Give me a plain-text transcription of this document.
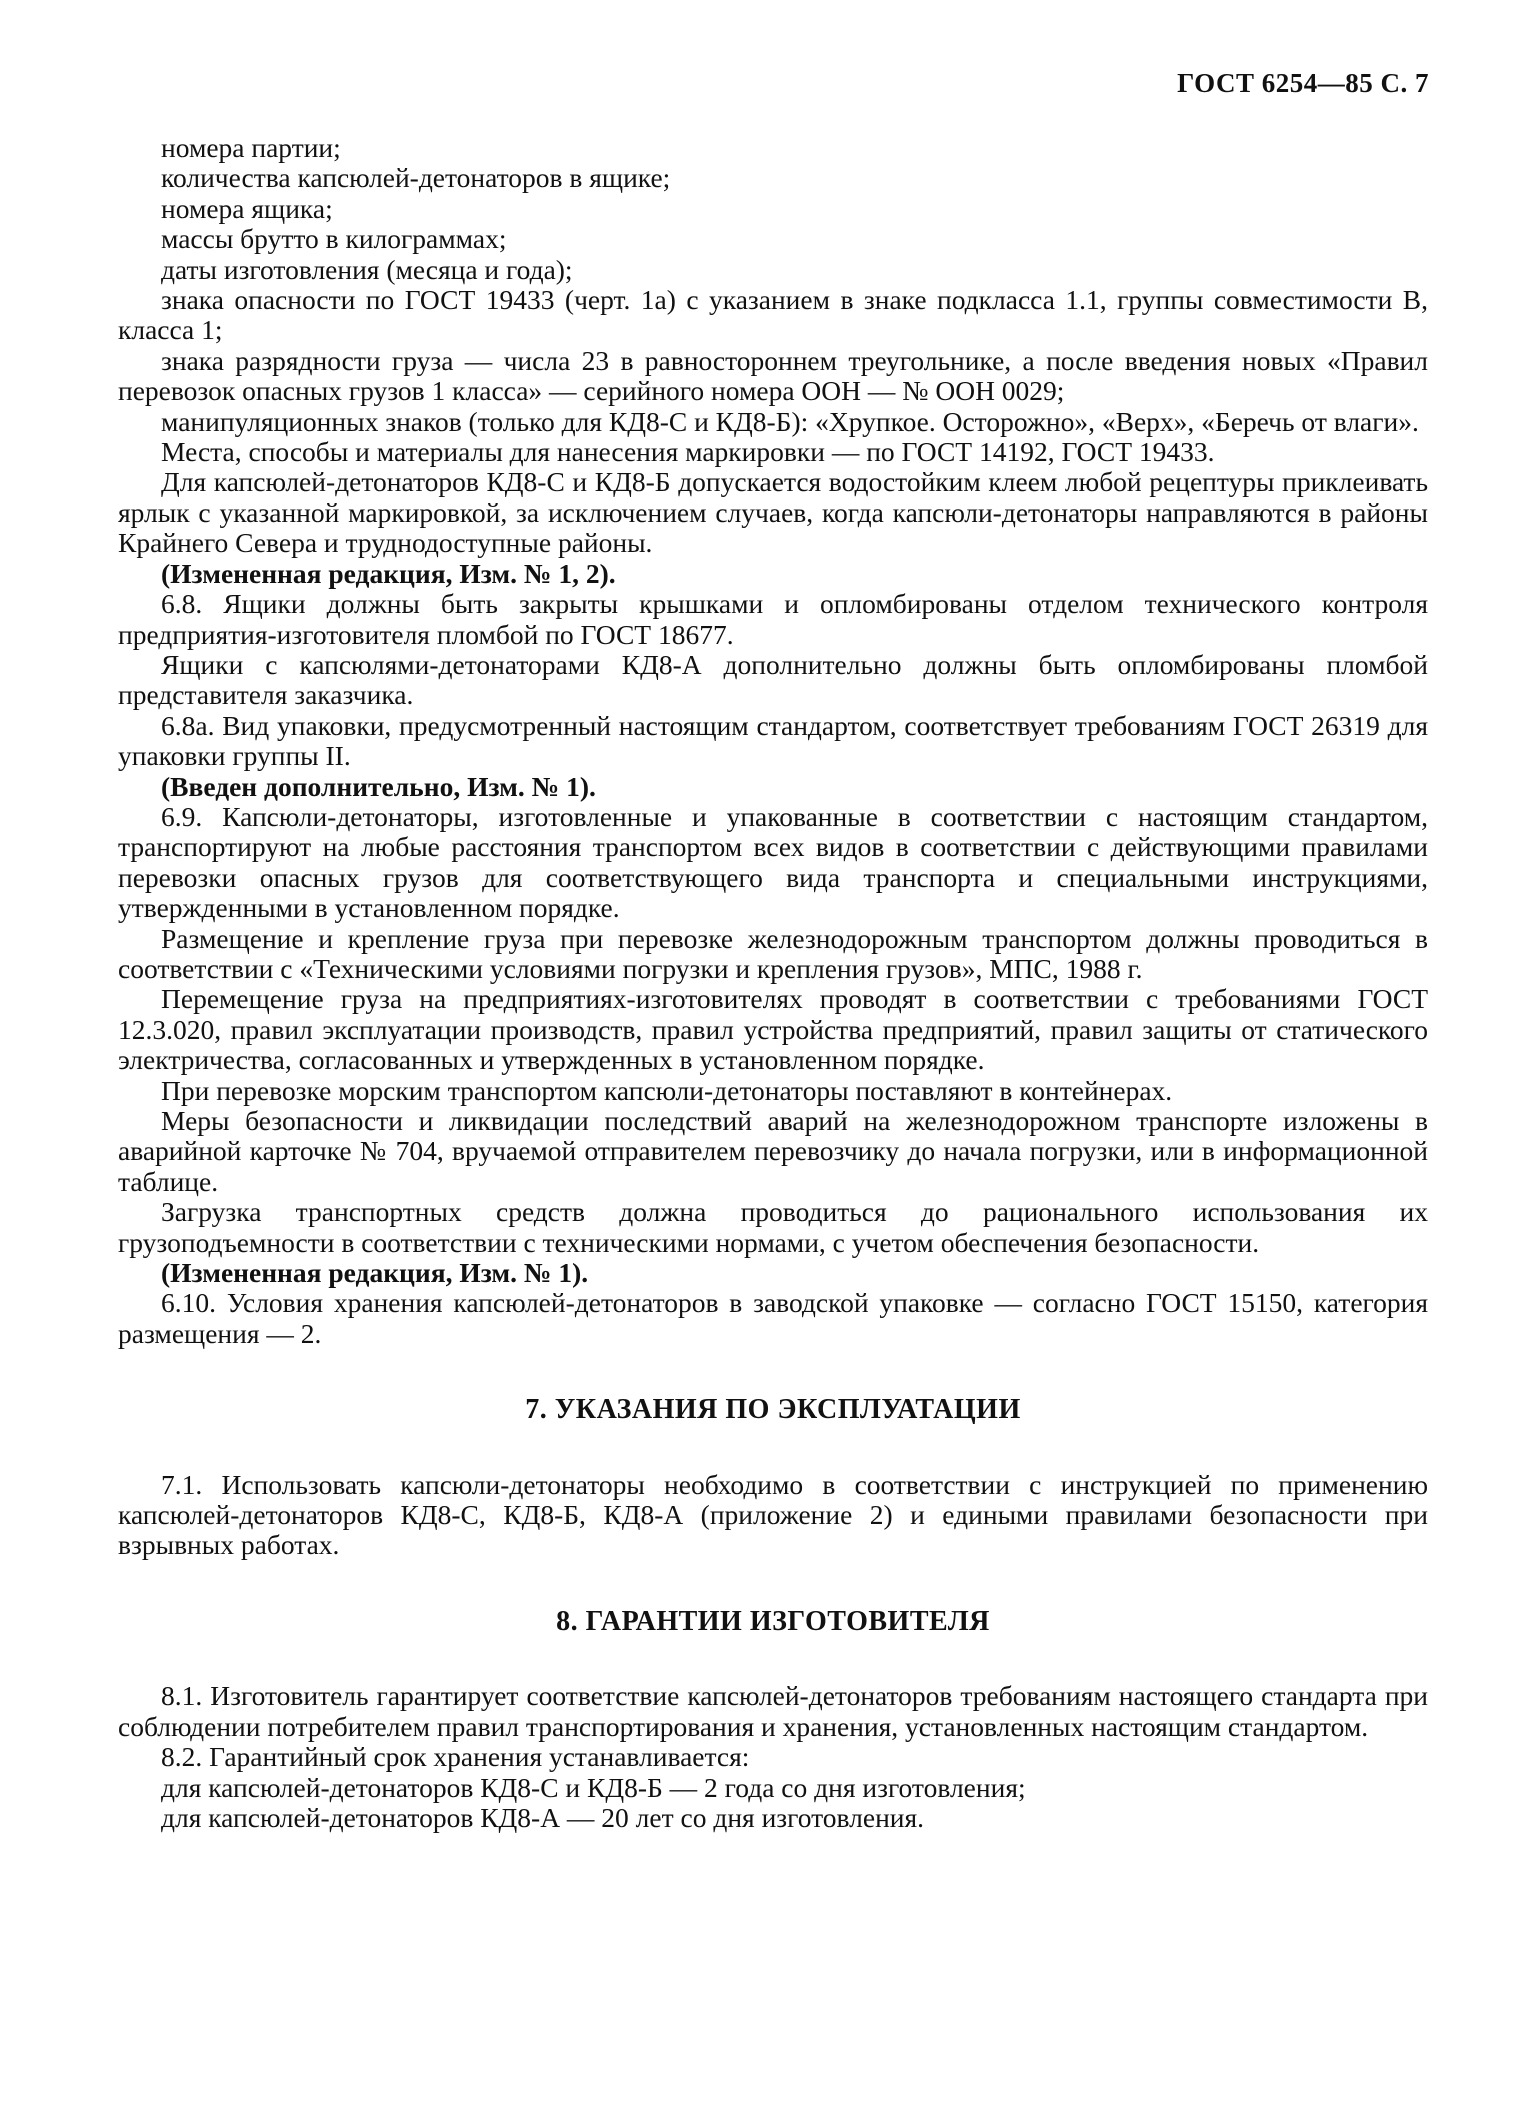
ГОСТ 6254—85 С. 7

номера партии;

количества капсюлей-детонаторов в ящике;

номера ящика;

массы брутто в килограммах;

даты изготовления (месяца и года);

знака опасности по ГОСТ 19433 (черт. 1а) с указанием в знаке подкласса 1.1, группы совместимости В, класса 1;

знака разрядности груза — числа 23 в равностороннем треугольнике, а после введения новых «Правил перевозок опасных грузов 1 класса» — серийного номера ООН — № ООН 0029;

манипуляционных знаков (только для КД8-С и КД8-Б): «Хрупкое. Осторожно», «Верх», «Беречь от влаги».

Места, способы и материалы для нанесения маркировки — по ГОСТ 14192, ГОСТ 19433.

Для капсюлей-детонаторов КД8-С и КД8-Б допускается водостойким клеем любой рецептуры приклеивать ярлык с указанной маркировкой, за исключением случаев, когда капсюли-детонаторы направляются в районы Крайнего Севера и труднодоступные районы.

(Измененная редакция, Изм. № 1, 2).

6.8. Ящики должны быть закрыты крышками и опломбированы отделом технического контроля предприятия-изготовителя пломбой по ГОСТ 18677.

Ящики с капсюлями-детонаторами КД8-А дополнительно должны быть опломбированы пломбой представителя заказчика.

6.8а. Вид упаковки, предусмотренный настоящим стандартом, соответствует требованиям ГОСТ 26319 для упаковки группы II.

(Введен дополнительно, Изм. № 1).

6.9. Капсюли-детонаторы, изготовленные и упакованные в соответствии с настоящим стандартом, транспортируют на любые расстояния транспортом всех видов в соответствии с действующими правилами перевозки опасных грузов для соответствующего вида транспорта и специальными инструкциями, утвержденными в установленном порядке.

Размещение и крепление груза при перевозке железнодорожным транспортом должны проводиться в соответствии с «Техническими условиями погрузки и крепления грузов», МПС, 1988 г.

Перемещение груза на предприятиях-изготовителях проводят в соответствии с требованиями ГОСТ 12.3.020, правил эксплуатации производств, правил устройства предприятий, правил защиты от статического электричества, согласованных и утвержденных в установленном порядке.

При перевозке морским транспортом капсюли-детонаторы поставляют в контейнерах.

Меры безопасности и ликвидации последствий аварий на железнодорожном транспорте изложены в аварийной карточке № 704, вручаемой отправителем перевозчику до начала погрузки, или в информационной таблице.

Загрузка транспортных средств должна проводиться до рационального использования их грузоподъемности в соответствии с техническими нормами, с учетом обеспечения безопасности.

(Измененная редакция, Изм. № 1).

6.10. Условия хранения капсюлей-детонаторов в заводской упаковке — согласно ГОСТ 15150, категория размещения — 2.

7. УКАЗАНИЯ ПО ЭКСПЛУАТАЦИИ

7.1. Использовать капсюли-детонаторы необходимо в соответствии с инструкцией по применению капсюлей-детонаторов КД8-С, КД8-Б, КД8-А (приложение 2) и едиными правилами безопасности при взрывных работах.

8. ГАРАНТИИ ИЗГОТОВИТЕЛЯ

8.1. Изготовитель гарантирует соответствие капсюлей-детонаторов требованиям настоящего стандарта при соблюдении потребителем правил транспортирования и хранения, установленных настоящим стандартом.

8.2. Гарантийный срок хранения устанавливается:

для капсюлей-детонаторов КД8-С и КД8-Б — 2 года со дня изготовления;

для капсюлей-детонаторов КД8-А — 20 лет со дня изготовления.
